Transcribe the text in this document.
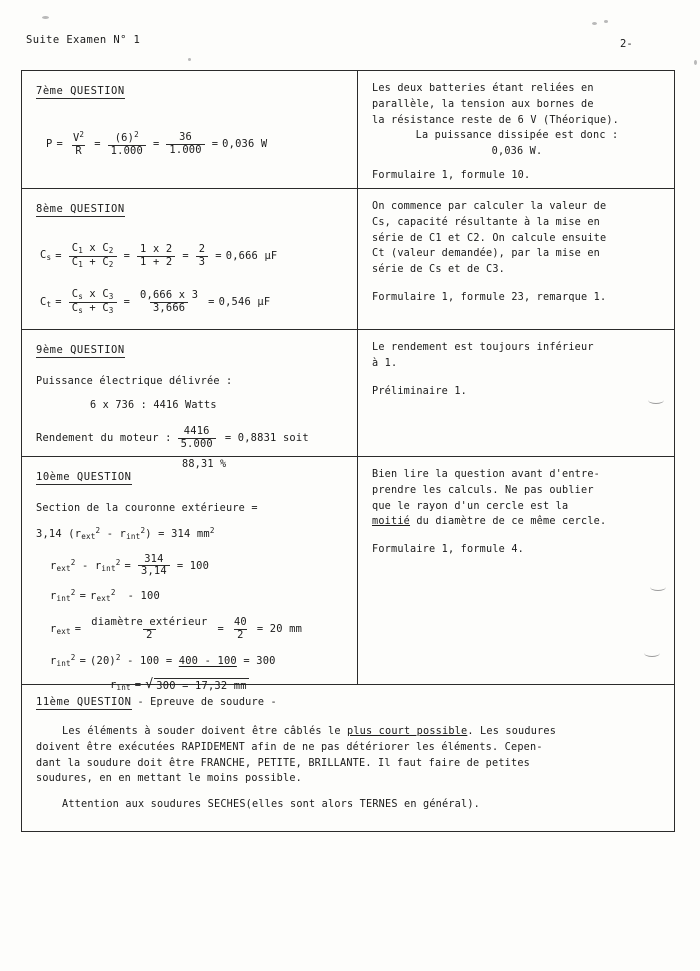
Suite Examen N° 1	2-
7ème QUESTION
$P = \frac{V^2}{R} = \frac{(6)^2}{1.000} = \frac{36}{1.000} = 0,036$ W
Les deux batteries étant reliées en
parallèle, la tension aux bornes de
la résistance reste de 6 V (Théorique).
La puissance dissipée est donc :
0,036 W.
Formulaire 1, formule 10.
8ème QUESTION
$C_s = \frac{C_1 x C_2}{C_1 + C_2} = \frac{1 x 2}{1 + 2} = \frac{2}{3} = 0,666$ µF
$C_t = \frac{C_s x C_3}{C_s + C_3} = \frac{0,666 x 3}{3,666} = 0,546$ µF
On commence par calculer la valeur de
Cs, capacité résultante à la mise en
série de C1 et C2. On calcule ensuite
Ct (valeur demandée), par la mise en
série de Cs et de C3.
Formulaire 1, formule 23, remarque 1.
9ème QUESTION
Puissance électrique délivrée :
6 x 736 : 4416 Watts
Rendement du moteur : $\frac{4416}{5.000} = 0,8831$ soit
88,31 %
Le rendement est toujours inférieur
à 1.
Préliminaire 1.
10ème QUESTION
Section de la couronne extérieure =
3,14 $(r_{ext}^2 - r_{int}^2) = 314$ $mm^2$
$r_{ext}^2 - r_{int}^2 = \frac{314}{3,14} = 100$
$r_{int}^2 = r_{ext}^2 - 100$
$r_{ext} = \frac{\text{diamètre extérieur}}{2} = \frac{40}{2} = 20$ mm
$r_{int}^2 = (20)^2 - 100 = 400 - 100 = 300$
$r_{int}$ = √ 300 = 17,32 mm
Bien lire la question avant d'entre-
prendre les calculs. Ne pas oublier
que le rayon d'un cercle est la
moitié du diamètre de ce même cercle.
Formulaire 1, formule 4.
11ème QUESTION - Epreuve de soudure -
Les éléments à souder doivent être câblés le plus court possible. Les soudures
doivent être exécutées RAPIDEMENT afin de ne pas détériorer les éléments. Cepen-
dant la soudure doit être FRANCHE, PETITE, BRILLANTE. Il faut faire de petites
soudures, en en mettant le moins possible.
Attention aux soudures SECHES(elles sont alors TERNES en général).
